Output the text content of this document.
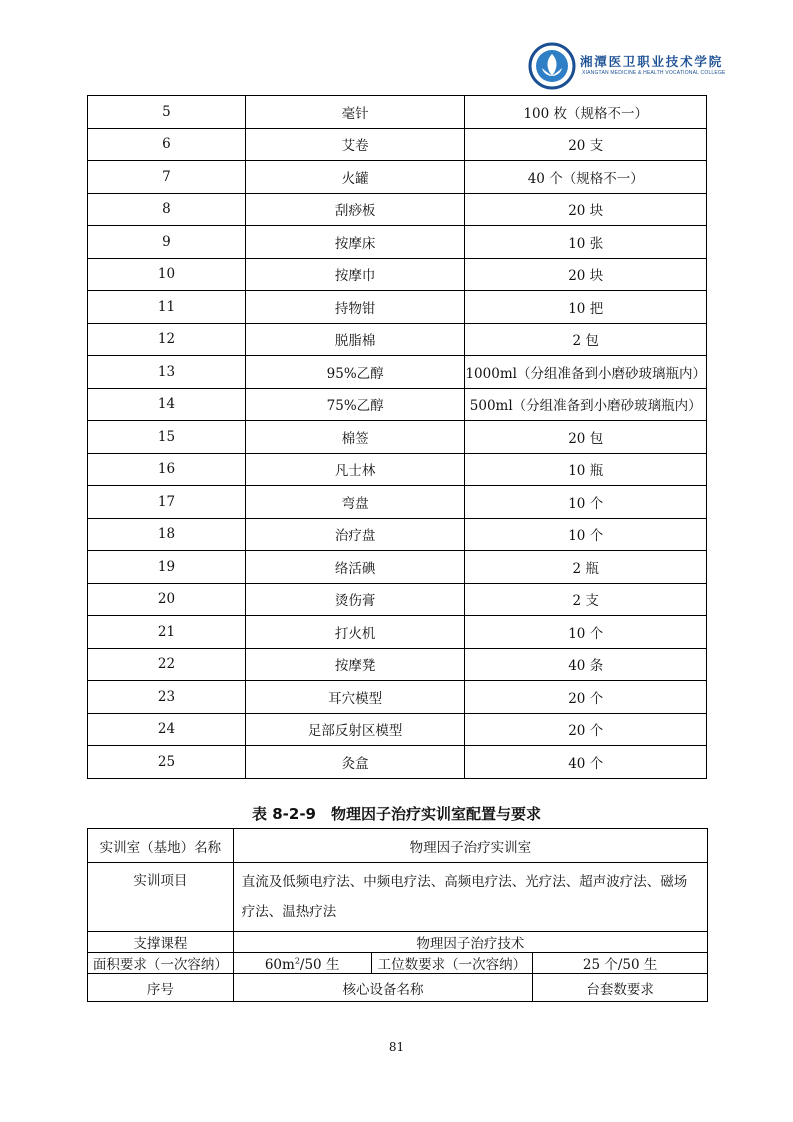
湘潭医卫职业技术学院
XIANGTAN MEDICINE & HEALTH VOCATIONAL COLLEGE
5	毫针	100 枚（规格不一）
6	艾卷	20 支
7	火罐	40 个（规格不一）
8	刮痧板	20 块
9	按摩床	10 张
10	按摩巾	20 块
11	持物钳	10 把
12	脱脂棉	2 包
13	95%乙醇	1000ml（分组准备到小磨砂玻璃瓶内）
14	75%乙醇	500ml（分组准备到小磨砂玻璃瓶内）
15	棉签	20 包
16	凡士林	10 瓶
17	弯盘	10 个
18	治疗盘	10 个
19	络活碘	2 瓶
20	烫伤膏	2 支
21	打火机	10 个
22	按摩凳	40 条
23	耳穴模型	20 个
24	足部反射区模型	20 个
25	灸盒	40 个
表 8-2-9　物理因子治疗实训室配置与要求
实训室（基地）名称	物理因子治疗实训室		
实训项目	直流及低频电疗法、中频电疗法、高频电疗法、光疗法、超声波疗法、磁场疗法、温热疗法		
支撑课程	物理因子治疗技术		
面积要求（一次容纳）	$60m^2/50$ 生	工位数要求（一次容纳）	25 个/50 生
序号	核心设备名称		台套数要求
81
